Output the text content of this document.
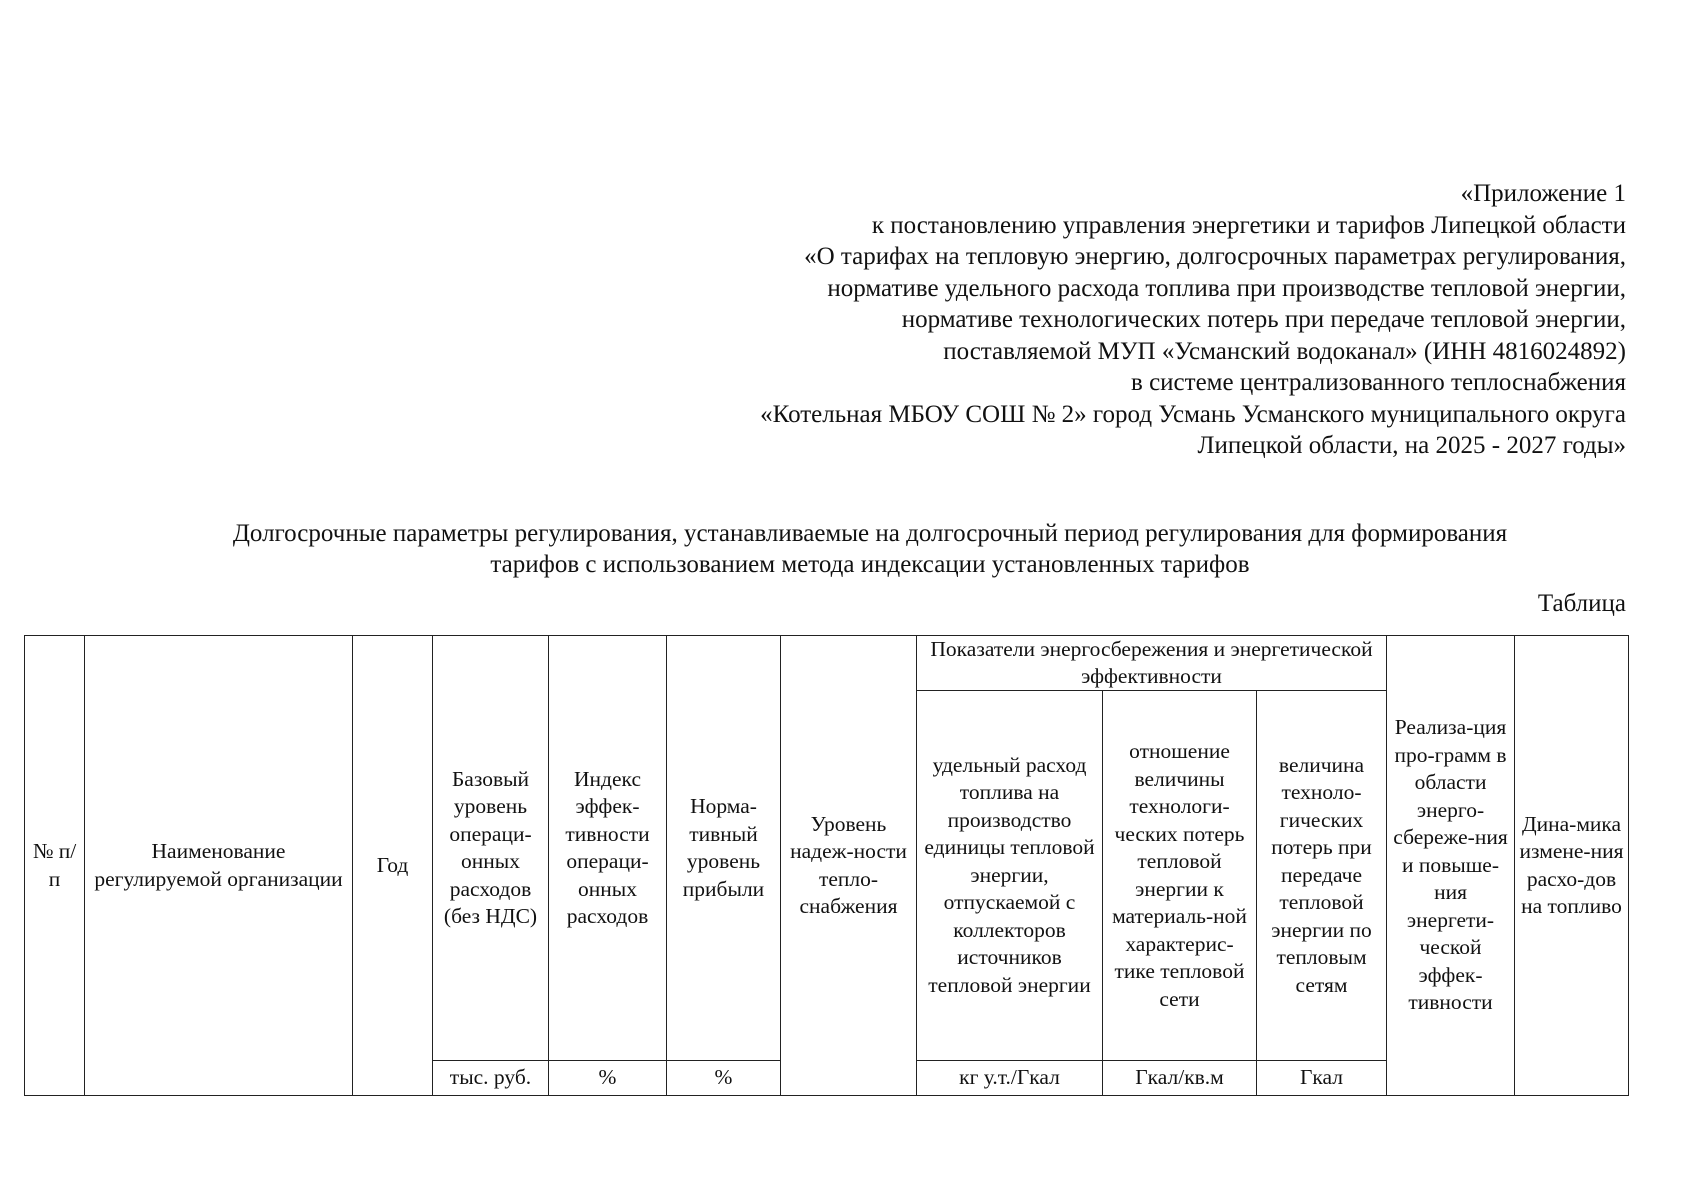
«Приложение 1
к постановлению управления энергетики и тарифов Липецкой области
«О тарифах на тепловую энергию, долгосрочных параметрах регулирования,
нормативе удельного расхода топлива при производстве тепловой энергии,
нормативе технологических потерь при передаче тепловой энергии,
поставляемой МУП «Усманский водоканал» (ИНН 4816024892)
в системе централизованного теплоснабжения
«Котельная МБОУ СОШ № 2» город Усмань Усманского муниципального округа
Липецкой области, на 2025 - 2027 годы»
Долгосрочные параметры регулирования, устанавливаемые на долгосрочный период регулирования для формирования
тарифов с использованием метода индексации установленных тарифов
Таблица
№ п/п	Наименование регулируемой организации	Год	Базовый уровень операци-онных расходов (без НДС)	Индекс эффек-тивности операци-онных расходов	Норма-тивный уровень прибыли	Уровень надеж-ности тепло-снабжения	Показатели энергосбережения и энергетической эффективности			Реализа-ция про-грамм в области энерго-сбереже-ния и повыше-ния энергети-ческой эффек-тивности	Дина-мика измене-ния расхо-дов на топливо
							удельный расход топлива на производство единицы тепловой энергии, отпускаемой с коллекторов источников тепловой энергии	отношение величины технологи-ческих потерь тепловой энергии к материаль-ной характерис-тике тепловой сети	величина техноло-гических потерь при передаче тепловой энергии по тепловым сетям		
			тыс. руб.	%	%		кг у.т./Гкал	Гкал/кв.м	Гкал		
